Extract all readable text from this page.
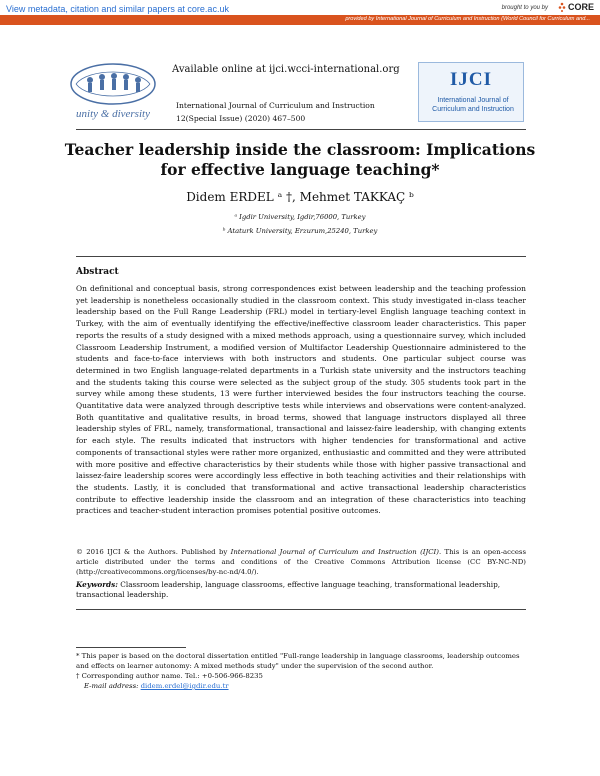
View metadata, citation and similar papers at core.ac.uk	brought to you by CORE
provided by International Journal of Curriculum and Instruction (World Council for Curriculum and...
unity & diversity
Available online at ijci.wcci-international.org
International Journal of Curriculum and Instruction
12(Special Issue) (2020) 467–500
IJCI
International Journal of
Curriculum and Instruction
Teacher leadership inside the classroom: Implications
for effective language teaching*
Didem ERDEL ᵃ †, Mehmet TAKKAÇ ᵇ
ᵃ Igdir University, Igdir,76000, Turkey
ᵇ Ataturk University, Erzurum,25240, Turkey
Abstract
On definitional and conceptual basis, strong correspondences exist between leadership and the teaching profession yet leadership is nonetheless occasionally studied in the classroom context. This study investigated in-class teacher leadership based on the Full Range Leadership (FRL) model in tertiary-level English language teaching context in Turkey, with the aim of eventually identifying the effective/ineffective classroom leader characteristics. This paper reports the results of a study designed with a mixed methods approach, using a questionnaire survey, which included Classroom Leadership Instrument, a modified version of Multifactor Leadership Questionnaire administered to the students and face-to-face interviews with both instructors and students. One particular subject course was determined in two English language-related departments in a Turkish state university and the instructors teaching and the students taking this course were selected as the subject group of the study. 305 students took part in the survey while among these students, 13 were further interviewed besides the four instructors teaching the course. Quantitative data were analyzed through descriptive tests while interviews and observations were content-analyzed. Both quantitative and qualitative results, in broad terms, showed that language instructors displayed all three leadership styles of FRL, namely, transformational, transactional and laissez-faire leadership, with changing extents for each style. The results indicated that instructors with higher tendencies for transformational and active components of transactional styles were rather more organized, enthusiastic and committed and they were attributed with more positive and effective characteristics by their students while those with higher passive transactional and laissez-faire leadership scores were accordingly less effective in both teaching activities and their relationships with the students. Lastly, it is concluded that transformational and active transactional leadership characteristics contribute to effective leadership inside the classroom and an integration of these characteristics into teaching practices and teacher-student interaction promises potential positive outcomes.
© 2016 IJCI & the Authors. Published by International Journal of Curriculum and Instruction (IJCI). This is an open-access article distributed under the terms and conditions of the Creative Commons Attribution license (CC BY-NC-ND) (http://creativecommons.org/licenses/by-nc-nd/4.0/).
Keywords: Classroom leadership, language classrooms, effective language teaching, transformational leadership, transactional leadership.
* This paper is based on the doctoral dissertation entitled "Full-range leadership in language classrooms, leadership outcomes and effects on learner autonomy: A mixed methods study" under the supervision of the second author.
† Corresponding author name. Tel.: +0-506-966-8235
E-mail address: didem.erdel@igdir.edu.tr
